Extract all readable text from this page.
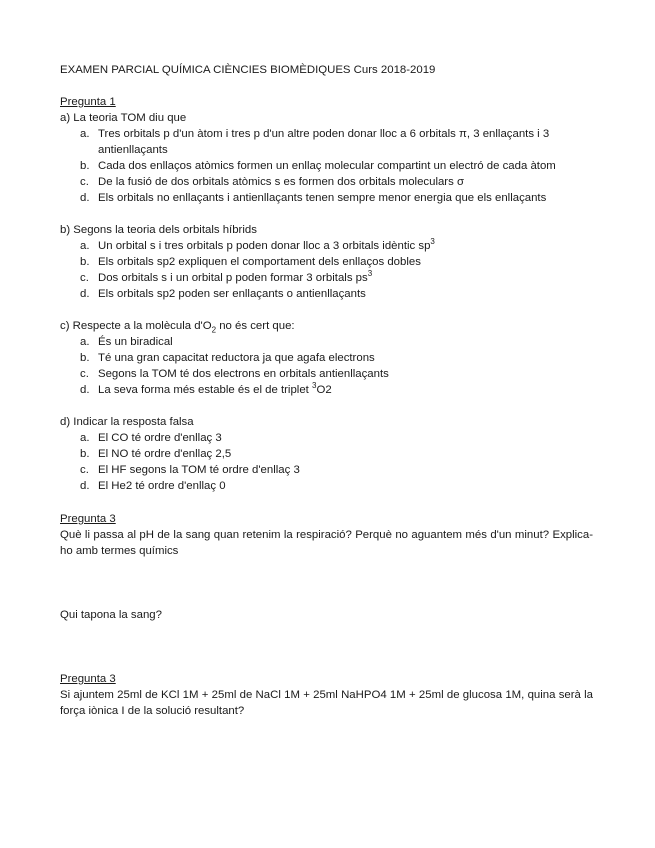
EXAMEN PARCIAL QUÍMICA CIÈNCIES BIOMÈDIQUES Curs 2018-2019
Pregunta 1
a) La teoria TOM diu que
a. Tres orbitals p d'un àtom i tres p d'un altre poden donar lloc a 6 orbitals π, 3 enllaçants i 3 antienllaçants
b. Cada dos enllaços atòmics formen un enllaç molecular compartint un electró de cada àtom
c. De la fusió de dos orbitals atòmics s es formen dos orbitals moleculars σ
d. Els orbitals no enllaçants i antienllaçants tenen sempre menor energia que els enllaçants
b) Segons la teoria dels orbitals híbrids
a. Un orbital s i tres orbitals p poden donar lloc a 3 orbitals idèntic $sp^3$
b. Els orbitals sp2 expliquen el comportament dels enllaços dobles
c. Dos orbitals s i un orbital p poden formar 3 orbitals $ps^3$
d. Els orbitals sp2 poden ser enllaçants o antienllaçants
c) Respecte a la molècula $d'O_2$ no és cert que:
a. És un biradical
b. Té una gran capacitat reductora ja que agafa electrons
c. Segons la TOM té dos electrons en orbitals antienllaçants
d. La seva forma més estable és el de triplet $^3$O2
d) Indicar la resposta falsa
a. El CO té ordre d'enllaç 3
b. El NO té ordre d'enllaç 2,5
c. El HF segons la TOM té ordre d'enllaç 3
d. El He2 té ordre d'enllaç 0
Pregunta 3
Què li passa al pH de la sang quan retenim la respiració? Perquè no aguantem més d'un minut? Explica-ho amb termes químics
Qui tapona la sang?
Pregunta 3
Si ajuntem 25ml de KCl 1M + 25ml de NaCl 1M + 25ml NaHPO4 1M + 25ml de glucosa 1M, quina serà la força iònica I de la solució resultant?
